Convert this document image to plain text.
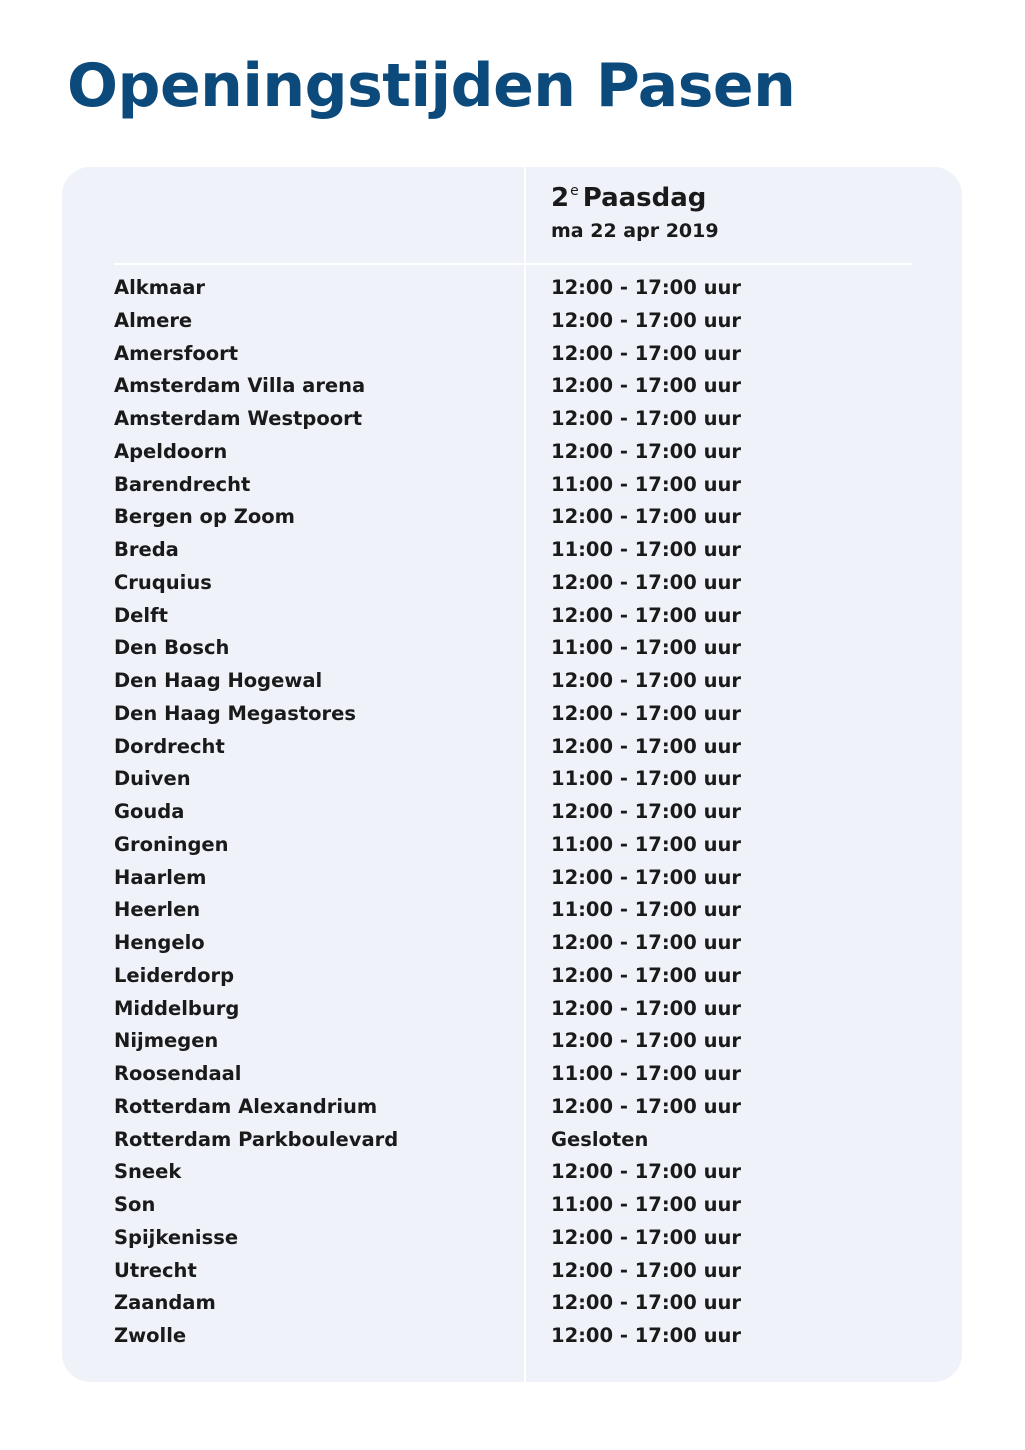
Openingstijden Pasen
2e Paasdag
ma 22 apr 2019
Alkmaar	12:00 - 17:00 uur
Almere	12:00 - 17:00 uur
Amersfoort	12:00 - 17:00 uur
Amsterdam Villa arena	12:00 - 17:00 uur
Amsterdam Westpoort	12:00 - 17:00 uur
Apeldoorn	12:00 - 17:00 uur
Barendrecht	11:00 - 17:00 uur
Bergen op Zoom	12:00 - 17:00 uur
Breda	11:00 - 17:00 uur
Cruquius	12:00 - 17:00 uur
Delft	12:00 - 17:00 uur
Den Bosch	11:00 - 17:00 uur
Den Haag Hogewal	12:00 - 17:00 uur
Den Haag Megastores	12:00 - 17:00 uur
Dordrecht	12:00 - 17:00 uur
Duiven	11:00 - 17:00 uur
Gouda	12:00 - 17:00 uur
Groningen	11:00 - 17:00 uur
Haarlem	12:00 - 17:00 uur
Heerlen	11:00 - 17:00 uur
Hengelo	12:00 - 17:00 uur
Leiderdorp	12:00 - 17:00 uur
Middelburg	12:00 - 17:00 uur
Nijmegen	12:00 - 17:00 uur
Roosendaal	11:00 - 17:00 uur
Rotterdam Alexandrium	12:00 - 17:00 uur
Rotterdam Parkboulevard	Gesloten
Sneek	12:00 - 17:00 uur
Son	11:00 - 17:00 uur
Spijkenisse	12:00 - 17:00 uur
Utrecht	12:00 - 17:00 uur
Zaandam	12:00 - 17:00 uur
Zwolle	12:00 - 17:00 uur
